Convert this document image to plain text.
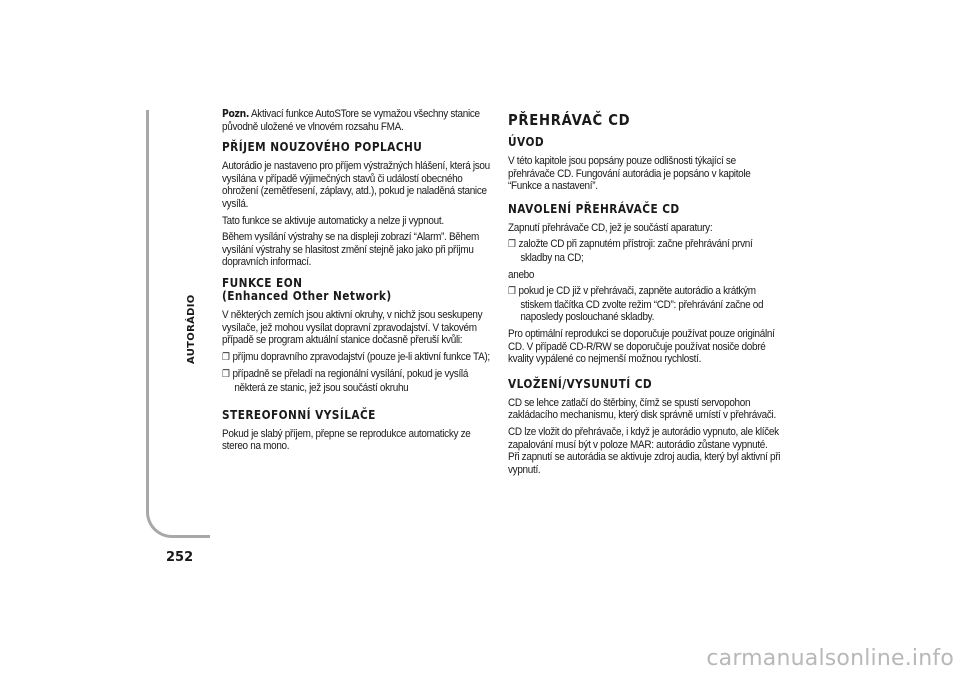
AUTORÁDIO
252

Pozn. Aktivací funkce AutoSTore se vymažou všechny stanice původně uložené ve vlnovém rozsahu FMA.

PŘÍJEM NOUZOVÉHO POPLACHU

Autorádio je nastaveno pro příjem výstražných hlášení, která jsou vysílána v případě výjimečných stavů či událostí obecného ohrožení (zemětřesení, záplavy, atd.), pokud je naladěná stanice vysílá.

Tato funkce se aktivuje automaticky a nelze ji vypnout.

Během vysílání výstrahy se na displeji zobrazí “Alarm”. Během vysílání výstrahy se hlasitost změní stejně jako jako při příjmu dopravních informací.

FUNKCE EON
(Enhanced Other Network)

V některých zemích jsou aktivní okruhy, v nichž jsou seskupeny vysílače, jež mohou vysílat dopravní zpravodajství. V takovém případě se program aktuální stanice dočasně přeruší kvůli:

❐ příjmu dopravního zpravodajství (pouze je-li aktivní funkce TA);

❐ případně se přeladí na regionální vysílání, pokud je vysílá některá ze stanic, jež jsou součástí okruhu

STEREOFONNÍ VYSÍLAČE

Pokud je slabý příjem, přepne se reprodukce automaticky ze stereo na mono.

PŘEHRÁVAČ CD
ÚVOD

V této kapitole jsou popsány pouze odlišnosti týkající se přehrávače CD. Fungování autorádia je popsáno v kapitole “Funkce a nastavení”.

NAVOLENÍ PŘEHRÁVAČE CD

Zapnutí přehrávače CD, jež je součástí aparatury:

❐ založte CD při zapnutém přístroji: začne přehrávání první skladby na CD;

anebo

❐ pokud je CD již v přehrávači, zapněte autorádio a krátkým stiskem tlačítka CD zvolte režim “CD”: přehrávání začne od naposledy poslouchané skladby.

Pro optimální reprodukci se doporučuje používat pouze originální CD. V případě CD-R/RW se doporučuje používat nosiče dobré kvality vypálené co nejmenší možnou rychlostí.

VLOŽENÍ/VYSUNUTÍ CD

CD se lehce zatlačí do štěrbiny, čímž se spustí servopohon zakládacího mechanismu, který disk správně umístí v přehrávači.

CD lze vložit do přehrávače, i když je autorádio vypnuto, ale klíček zapalování musí být v poloze MAR: autorádio zůstane vypnuté. Při zapnutí se autorádia se aktivuje zdroj audia, který byl aktivní při vypnutí.

carmanualsonline.info
